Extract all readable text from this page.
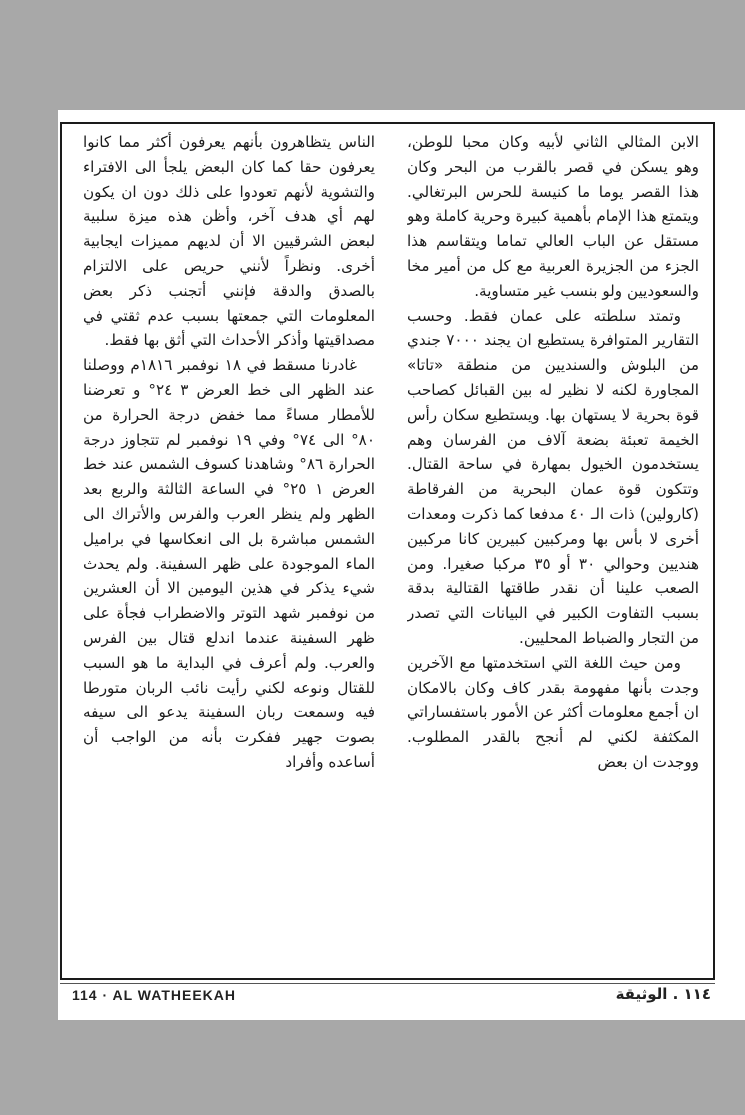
الابن المثالي الثاني لأبيه وكان محبا للوطن، وهو يسكن في قصر بالقرب من البحر وكان هذا القصر يوما ما كنيسة للحرس البرتغالي. ويتمتع هذا الإمام بأهمية كبيرة وحرية كاملة وهو مستقل عن الباب العالي تماما ويتقاسم هذا الجزء من الجزيرة العربية مع كل من أمير مخا والسعوديين ولو بنسب غير متساوية.

وتمتد سلطته على عمان فقط. وحسب التقارير المتوافرة يستطيع ان يجند ٧٠٠٠ جندي من البلوش والسنديين من منطقة «تاتا» المجاورة لكنه لا نظير له بين القبائل كصاحب قوة بحرية لا يستهان بها. ويستطيع سكان رأس الخيمة تعبئة بضعة آلاف من الفرسان وهم يستخدمون الخيول بمهارة في ساحة القتال. وتتكون قوة عمان البحرية من الفرقاطة (كارولين) ذات الـ ٤٠ مدفعا كما ذكرت ومعدات أخرى لا بأس بها ومركبين كبيرين كانا مركبين هنديين وحوالي ٣٠ أو ٣٥ مركبا صغيرا. ومن الصعب علينا أن نقدر طاقتها القتالية بدقة بسبب التفاوت الكبير في البيانات التي تصدر من التجار والضباط المحليين.

ومن حيث اللغة التي استخدمتها مع الآخرين وجدت بأنها مفهومة بقدر كاف وكان بالامكان ان أجمع معلومات أكثر عن الأمور باستفساراتي المكثفة لكني لم أنجح بالقدر المطلوب. ووجدت ان بعض

الناس يتظاهرون بأنهم يعرفون أكثر مما كانوا يعرفون حقا كما كان البعض يلجأ الى الافتراء والتشوية لأنهم تعودوا على ذلك دون ان يكون لهم أي هدف آخر، وأظن هذه ميزة سلبية لبعض الشرقيين الا أن لديهم مميزات ايجابية أخرى. ونظراً لأنني حريص على الالتزام بالصدق والدقة فإنني أتجنب ذكر بعض المعلومات التي جمعتها بسبب عدم ثقتي في مصداقيتها وأذكر الأحداث التي أثق بها فقط.

غادرنا مسقط في ١٨ نوفمبر ١٨١٦م ووصلنا عند الظهر الى خط العرض ٣ ٢٤° و تعرضنا للأمطار مساءً مما خفض درجة الحرارة من ٨٠° الى ٧٤° وفي ١٩ نوفمبر لم تتجاوز درجة الحرارة ٨٦° وشاهدنا كسوف الشمس عند خط العرض ١ ٢٥° في الساعة الثالثة والربع بعد الظهر ولم ينظر العرب والفرس والأتراك الى الشمس مباشرة بل الى انعكاسها في براميل الماء الموجودة على ظهر السفينة. ولم يحدث شيء يذكر في هذين اليومين الا أن العشرين من نوفمبر شهد التوتر والاضطراب فجأة على ظهر السفينة عندما اندلع قتال بين الفرس والعرب. ولم أعرف في البداية ما هو السبب للقتال ونوعه لكني رأيت نائب الربان متورطا فيه وسمعت ربان السفينة يدعو الى سيفه بصوت جهير ففكرت بأنه من الواجب أن أساعده وأفراد

114 · AL WATHEEKAH	١١٤ . الوثيقة
